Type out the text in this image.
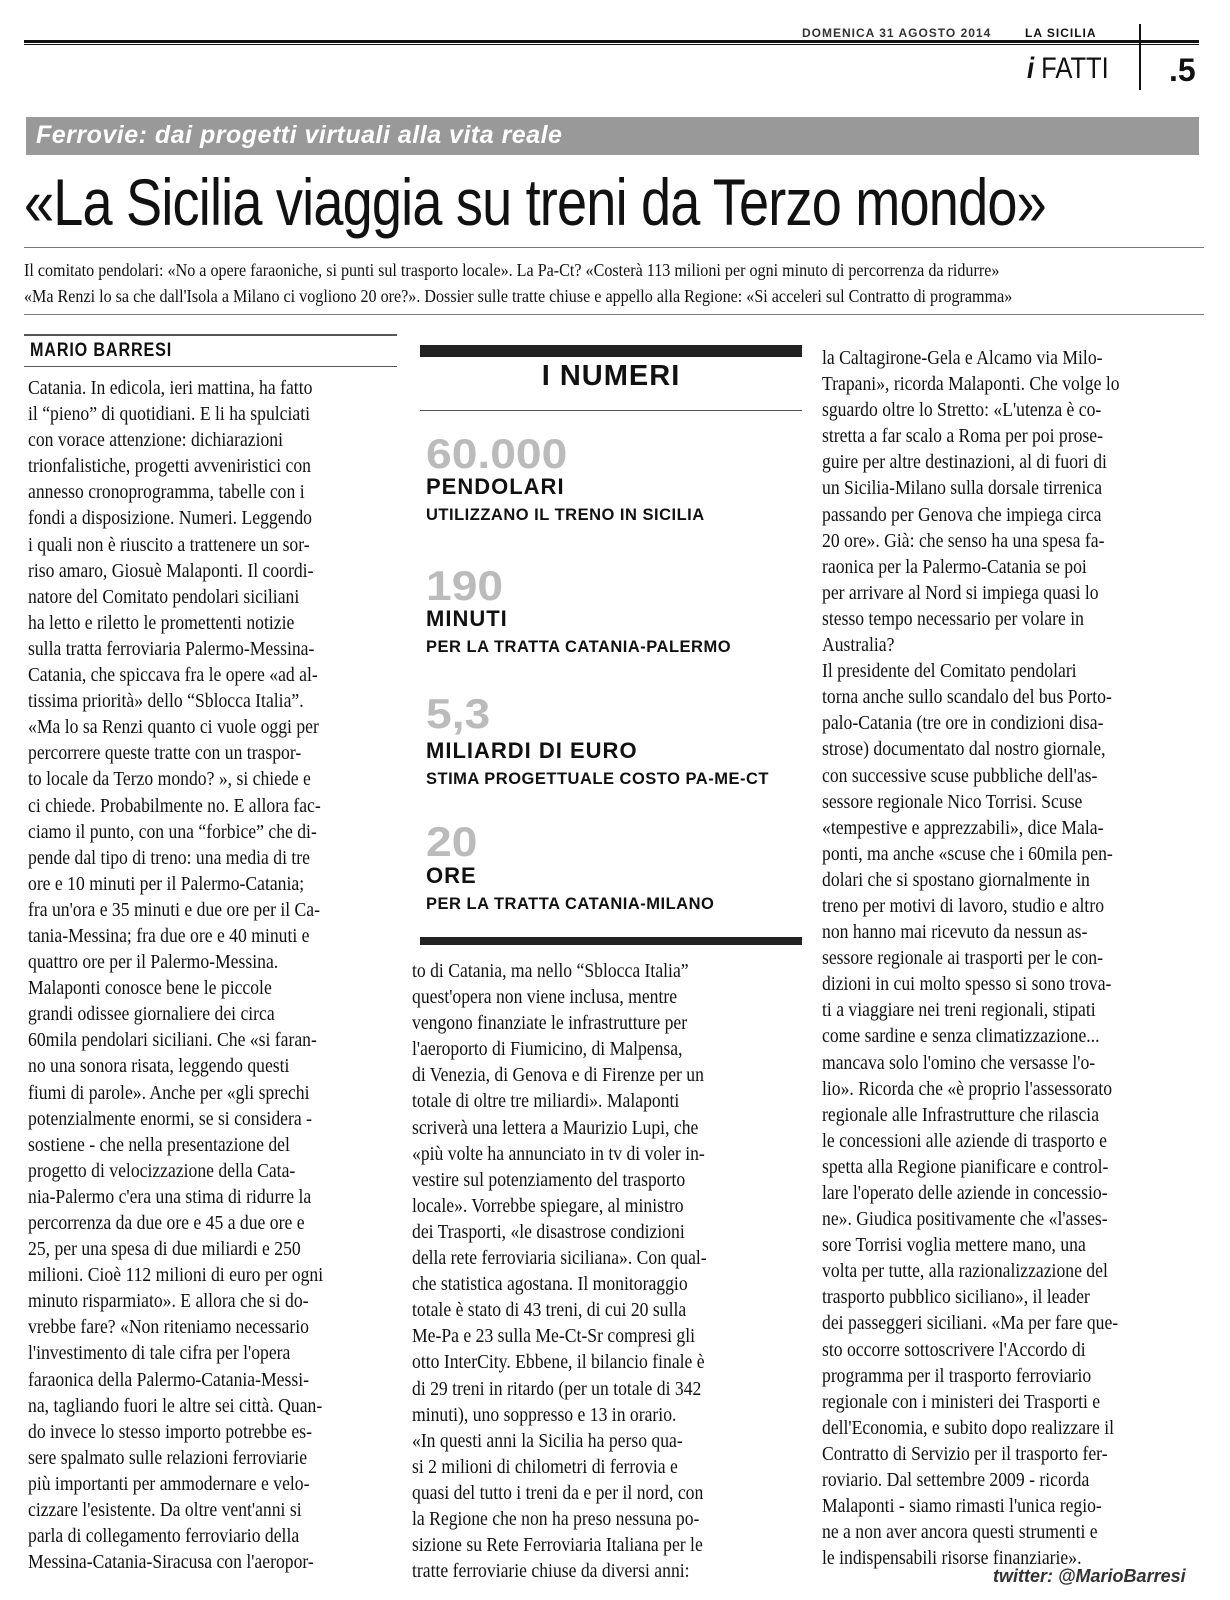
DOMENICA 31 AGOSTO 2014	LA SICILIA
i FATTI .5
Ferrovie: dai progetti virtuali alla vita reale
«La Sicilia viaggia su treni da Terzo mondo»
Il comitato pendolari: «No a opere faraoniche, si punti sul trasporto locale». La Pa-Ct? «Costerà 113 milioni per ogni minuto di percorrenza da ridurre»
«Ma Renzi lo sa che dall'Isola a Milano ci vogliono 20 ore?». Dossier sulle tratte chiuse e appello alla Regione: «Si acceleri sul Contratto di programma»
MARIO BARRESI
Catania. In edicola, ieri mattina, ha fatto
il “pieno” di quotidiani. E li ha spulciati
con vorace attenzione: dichiarazioni
trionfalistiche, progetti avveniristici con
annesso cronoprogramma, tabelle con i
fondi a disposizione. Numeri. Leggendo
i quali non è riuscito a trattenere un sor-
riso amaro, Giosuè Malaponti. Il coordi-
natore del Comitato pendolari siciliani
ha letto e riletto le promettenti notizie
sulla tratta ferroviaria Palermo-Messina-
Catania, che spiccava fra le opere «ad al-
tissima priorità» dello “Sblocca Italia”.
«Ma lo sa Renzi quanto ci vuole oggi per
percorrere queste tratte con un traspor-
to locale da Terzo mondo? », si chiede e
ci chiede. Probabilmente no. E allora fac-
ciamo il punto, con una “forbice” che di-
pende dal tipo di treno: una media di tre
ore e 10 minuti per il Palermo-Catania;
fra un'ora e 35 minuti e due ore per il Ca-
tania-Messina; fra due ore e 40 minuti e
quattro ore per il Palermo-Messina.
Malaponti conosce bene le piccole
grandi odissee giornaliere dei circa
60mila pendolari siciliani. Che «si faran-
no una sonora risata, leggendo questi
fiumi di parole». Anche per «gli sprechi
potenzialmente enormi, se si considera -
sostiene - che nella presentazione del
progetto di velocizzazione della Cata-
nia-Palermo c'era una stima di ridurre la
percorrenza da due ore e 45 a due ore e
25, per una spesa di due miliardi e 250
milioni. Cioè 112 milioni di euro per ogni
minuto risparmiato». E allora che si do-
vrebbe fare? «Non riteniamo necessario
l'investimento di tale cifra per l'opera
faraonica della Palermo-Catania-Messi-
na, tagliando fuori le altre sei città. Quan-
do invece lo stesso importo potrebbe es-
sere spalmato sulle relazioni ferroviarie
più importanti per ammodernare e velo-
cizzare l'esistente. Da oltre vent'anni si
parla di collegamento ferroviario della
Messina-Catania-Siracusa con l'aeropor-
to di Catania, ma nello “Sblocca Italia”
quest'opera non viene inclusa, mentre
vengono finanziate le infrastrutture per
l'aeroporto di Fiumicino, di Malpensa,
di Venezia, di Genova e di Firenze per un
totale di oltre tre miliardi». Malaponti
scriverà una lettera a Maurizio Lupi, che
«più volte ha annunciato in tv di voler in-
vestire sul potenziamento del trasporto
locale». Vorrebbe spiegare, al ministro
dei Trasporti, «le disastrose condizioni
della rete ferroviaria siciliana». Con qual-
che statistica agostana. Il monitoraggio
totale è stato di 43 treni, di cui 20 sulla
Me-Pa e 23 sulla Me-Ct-Sr compresi gli
otto InterCity. Ebbene, il bilancio finale è
di 29 treni in ritardo (per un totale di 342
minuti), uno soppresso e 13 in orario.
«In questi anni la Sicilia ha perso qua-
si 2 milioni di chilometri di ferrovia e
quasi del tutto i treni da e per il nord, con
la Regione che non ha preso nessuna po-
sizione su Rete Ferroviaria Italiana per le
tratte ferroviarie chiuse da diversi anni:
la Caltagirone-Gela e Alcamo via Milo-
Trapani», ricorda Malaponti. Che volge lo
sguardo oltre lo Stretto: «L'utenza è co-
stretta a far scalo a Roma per poi prose-
guire per altre destinazioni, al di fuori di
un Sicilia-Milano sulla dorsale tirrenica
passando per Genova che impiega circa
20 ore». Già: che senso ha una spesa fa-
raonica per la Palermo-Catania se poi
per arrivare al Nord si impiega quasi lo
stesso tempo necessario per volare in
Australia?
Il presidente del Comitato pendolari
torna anche sullo scandalo del bus Porto-
palo-Catania (tre ore in condizioni disa-
strose) documentato dal nostro giornale,
con successive scuse pubbliche dell'as-
sessore regionale Nico Torrisi. Scuse
«tempestive e apprezzabili», dice Mala-
ponti, ma anche «scuse che i 60mila pen-
dolari che si spostano giornalmente in
treno per motivi di lavoro, studio e altro
non hanno mai ricevuto da nessun as-
sessore regionale ai trasporti per le con-
dizioni in cui molto spesso si sono trova-
ti a viaggiare nei treni regionali, stipati
come sardine e senza climatizzazione...
mancava solo l'omino che versasse l'o-
lio». Ricorda che «è proprio l'assessorato
regionale alle Infrastrutture che rilascia
le concessioni alle aziende di trasporto e
spetta alla Regione pianificare e control-
lare l'operato delle aziende in concessio-
ne». Giudica positivamente che «l'asses-
sore Torrisi voglia mettere mano, una
volta per tutte, alla razionalizzazione del
trasporto pubblico siciliano», il leader
dei passeggeri siciliani. «Ma per fare que-
sto occorre sottoscrivere l'Accordo di
programma per il trasporto ferroviario
regionale con i ministeri dei Trasporti e
dell'Economia, e subito dopo realizzare il
Contratto di Servizio per il trasporto fer-
roviario. Dal settembre 2009 - ricorda
Malaponti - siamo rimasti l'unica regio-
ne a non aver ancora questi strumenti e
le indispensabili risorse finanziarie».
I NUMERI
60.000
PENDOLARI
UTILIZZANO IL TRENO IN SICILIA
190
MINUTI
PER LA TRATTA CATANIA-PALERMO
5,3
MILIARDI DI EURO
STIMA PROGETTUALE COSTO PA-ME-CT
20
ORE
PER LA TRATTA CATANIA-MILANO
twitter: @MarioBarresi
